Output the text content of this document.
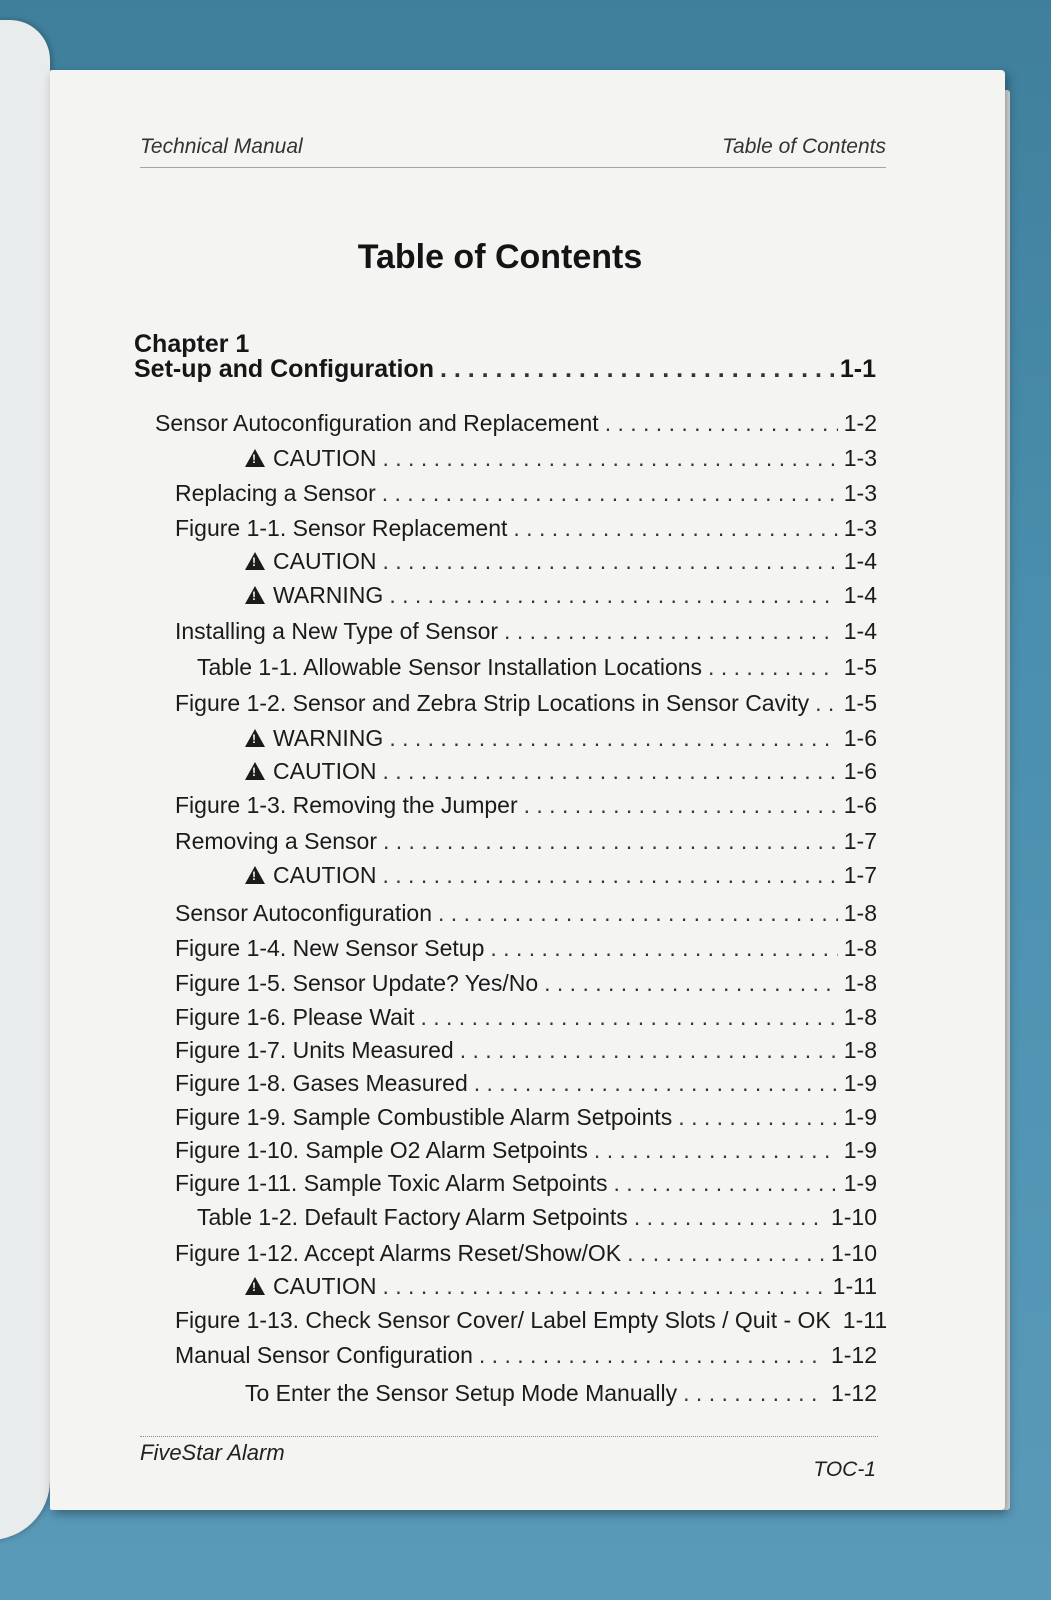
Technical Manual	Table of Contents
Table of Contents
Chapter 1
Set-up and Configuration . . .	1-1
Sensor Autoconfiguration and Replacement . . .	1-2
!
CAUTION . . .	1-3
Replacing a Sensor . . .	1-3
Figure 1-1. Sensor Replacement . . .	1-3
!
CAUTION . . .	1-4
!
WARNING . . .	1-4
Installing a New Type of Sensor . . .	1-4
Table 1-1. Allowable Sensor Installation Locations . . .	1-5
Figure 1-2. Sensor and Zebra Strip Locations in Sensor Cavity . . . 1-5
!
WARNING . . .	1-6
!
CAUTION . . .	1-6
Figure 1-3. Removing the Jumper . . .	1-6
Removing a Sensor . . .	1-7
!
CAUTION . . .	1-7
Sensor Autoconfiguration . . .	1-8
Figure 1-4. New Sensor Setup . . .	1-8
Figure 1-5. Sensor Update? Yes/No . . .	1-8
Figure 1-6. Please Wait . . .	1-8
Figure 1-7. Units Measured . . .	1-8
Figure 1-8. Gases Measured . . .	1-9
Figure 1-9. Sample Combustible Alarm Setpoints . . .	1-9
Figure 1-10. Sample O2 Alarm Setpoints . . .	1-9
Figure 1-11. Sample Toxic Alarm Setpoints . . .	1-9
Table 1-2. Default Factory Alarm Setpoints . . .	1-10
Figure 1-12. Accept Alarms Reset/Show/OK . . .	1-10
!
CAUTION . . .	1-11
Figure 1-13. Check Sensor Cover/ Label Empty Slots / Quit - OK 1-11
Manual Sensor Configuration . . .	1-12
To Enter the Sensor Setup Mode Manually . . .	1-12
FiveStar Alarm
TOC-1
